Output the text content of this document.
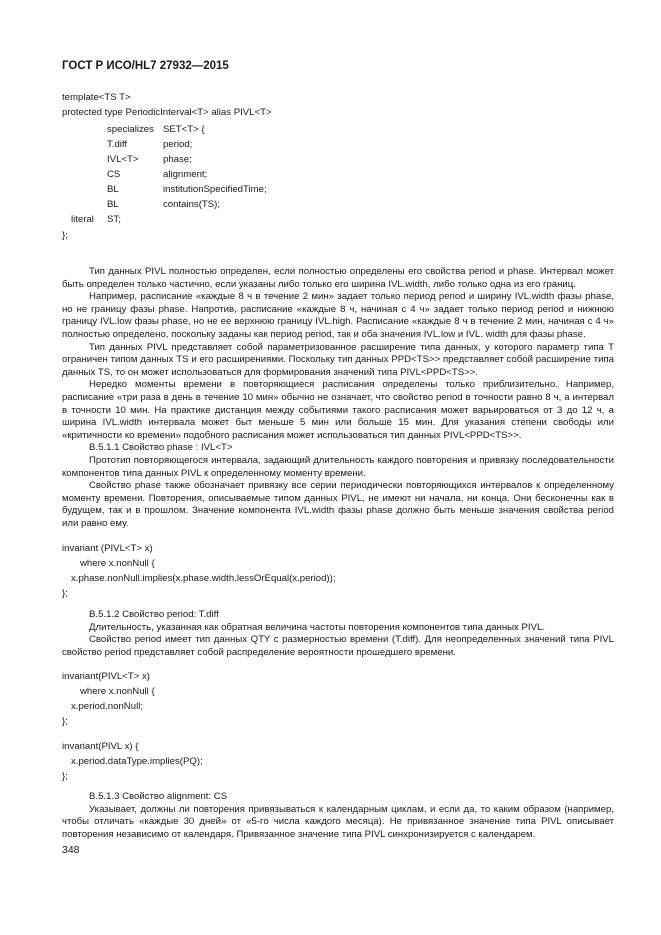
ГОСТ Р ИСО/HL7 27932—2015
template<TS T>
protected type PeriodicInterval<T> alias PIVL<T>
specializes SET<T> {
T.diff	period;
IVL<T>	phase;
CS	alignment;
BL	institutionSpecifiedTime;
BL	contains(TS);
literal ST;
};

Тип данных PIVL полностью определен, если полностью определены его свойства period и phase. Интервал может быть определен только частично, если указаны либо только его ширина IVL.width, либо только одна из его границ.

Например, расписание «каждые 8 ч в течение 2 мин» задает только период period и ширину IVL.width фазы phase, но не границу фазы phase. Напротив, расписание «каждые 8 ч, начиная с 4 ч» задает только период period и нижнюю границу IVL.low фазы phase, но не ее верхнюю границу IVL.high. Расписание «каждые 8 ч в течение 2 мин, начиная с 4 ч» полностью определено, поскольку заданы как период period, так и оба значения IVL.low и IVL. width для фазы phase.

Тип данных PIVL представляет собой параметризованное расширение типа данных, у которого параметр типа T ограничен типом данных TS и его расширениями. Поскольку тип данных PPD<TS>> представляет собой расширение типа данных TS, то он может использоваться для формирования значений типа PIVL<PPD<TS>>.

Нередко моменты времени в повторяющиеся расписания определены только приблизительно. Например, расписание «три раза в день в течение 10 мин» обычно не означает, что свойство period в точности равно 8 ч, а интервал в точности 10 мин. На практике дистанция между событиями такого расписания может варьироваться от 3 до 12 ч, а ширина IVL.width интервала может быт меньше 5 мин или больше 15 мин. Для указания степени свободы или «критичности ко времени» подобного расписания может использоваться тип данных PIVL<PPD<TS>>.

B.5.1.1 Свойство phase : IVL<T>

Прототип повторяющегося интервала, задающий длительность каждого повторения и привязку последовательности компонентов типа данных PIVL к определенному моменту времени.

Свойство phase также обозначает привязку все серии периодически повторяющихся интервалов к определенному моменту времени. Повторения, описываемые типом данных PIVL, не имеют ни начала, ни конца. Они бесконечны как в будущем, так и в прошлом. Значение компонента IVL.width фазы phase должно быть меньше значения свойства period или равно ему.

invariant (PIVL<T> x)
where x.nonNull {
x.phase.nonNull.implies(x.phase.width.lessOrEqual(x.period));
};

B.5.1.2 Свойство period: T.diff

Длительность, указанная как обратная величина частоты повторения компонентов типа данных PIVL.

Свойство period имеет тип данных QTY с размерностью времени (T.diff). Для неопределенных значений типа PIVL свойство period представляет собой распределение вероятности прошедшего времени.

invariant(PIVL<T> x)
where x.nonNull {
x.period.nonNull;
};
invariant(PIVL x) {
x.period.dataType.implies(PQ);
};

B.5.1.3 Свойство alignment: CS

Указывает, должны ли повторения привязываться к календарным циклам, и если да, то каким образом (например, чтобы отличать «каждые 30 дней» от «5-го числа каждого месяца). Не привязанное значение типа PIVL описывает повторения независимо от календаря. Привязанное значение типа PIVL синхронизируется с календарем.

348
